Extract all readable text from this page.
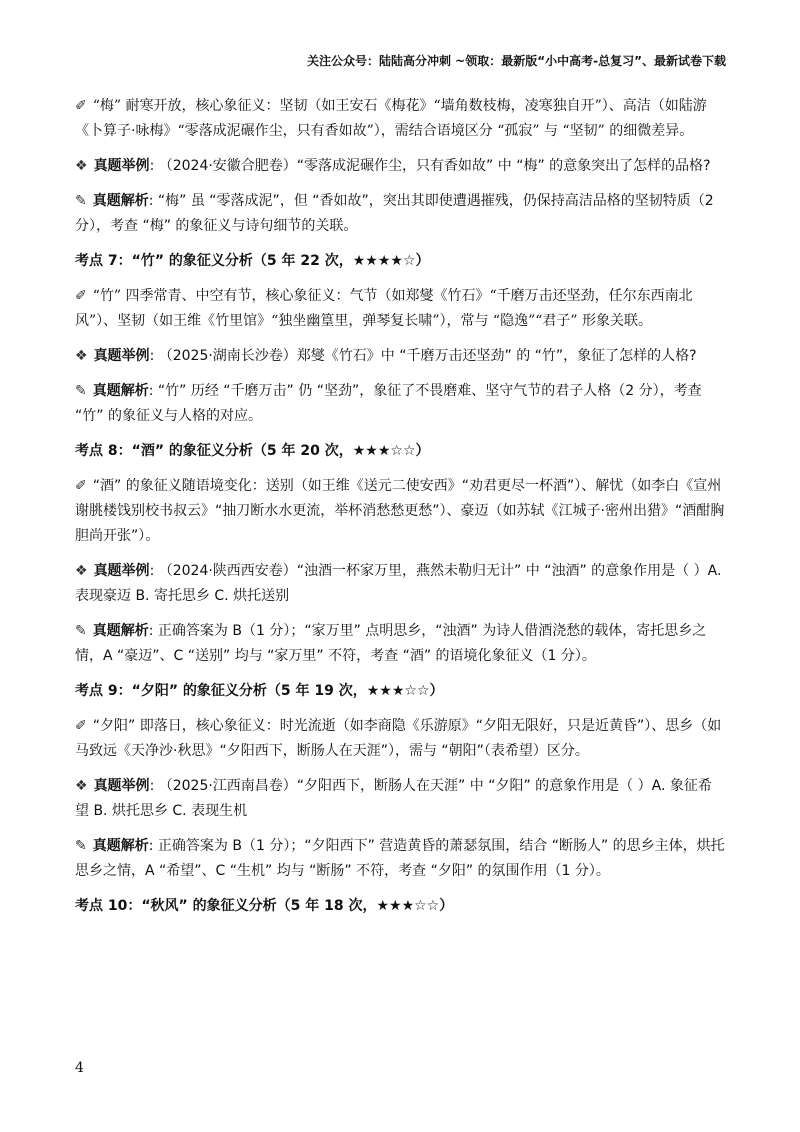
关注公众号：陆陆高分冲刺 ~领取：最新版“小中高考-总复习”、最新试卷下载

✐ “梅” 耐寒开放，核心象征义：坚韧（如王安石《梅花》“墙角数枝梅，凌寒独自开”）、高洁（如陆游《卜算子·咏梅》“零落成泥碾作尘，只有香如故”），需结合语境区分 “孤寂” 与 “坚韧” 的细微差异。

❖ 真题举例: （2024·安徽合肥卷）“零落成泥碾作尘，只有香如故” 中 “梅” 的意象突出了怎样的品格?

✎ 真题解析: “梅” 虽 “零落成泥”，但 “香如故”，突出其即使遭遇摧残，仍保持高洁品格的坚韧特质（2 分），考查 “梅” 的象征义与诗句细节的关联。

考点 7：“竹” 的象征义分析（5 年 22 次，★★★★☆）

✐ “竹” 四季常青、中空有节，核心象征义：气节（如郑燮《竹石》“千磨万击还坚劲，任尔东西南北风”）、坚韧（如王维《竹里馆》“独坐幽篁里，弹琴复长啸”），常与 “隐逸”“君子” 形象关联。

❖ 真题举例: （2025·湖南长沙卷）郑燮《竹石》中 “千磨万击还坚劲” 的 “竹”，象征了怎样的人格?

✎ 真题解析: “竹” 历经 “千磨万击” 仍 “坚劲”，象征了不畏磨难、坚守气节的君子人格（2 分），考查 “竹” 的象征义与人格的对应。

考点 8：“酒” 的象征义分析（5 年 20 次，★★★☆☆）

✐ “酒” 的象征义随语境变化：送别（如王维《送元二使安西》“劝君更尽一杯酒”）、解忧（如李白《宣州谢朓楼饯别校书叔云》“抽刀断水水更流，举杯消愁愁更愁”）、豪迈（如苏轼《江城子·密州出猎》“酒酣胸胆尚开张”）。

❖ 真题举例: （2024·陕西西安卷）“浊酒一杯家万里，燕然未勒归无计” 中 “浊酒” 的意象作用是（ ）A. 表现豪迈 B. 寄托思乡 C. 烘托送别

✎ 真题解析: 正确答案为 B（1 分）；“家万里” 点明思乡，“浊酒” 为诗人借酒浇愁的载体，寄托思乡之情，A “豪迈”、C “送别” 均与 “家万里” 不符，考查 “酒” 的语境化象征义（1 分）。

考点 9：“夕阳” 的象征义分析（5 年 19 次，★★★☆☆）

✐ “夕阳” 即落日，核心象征义：时光流逝（如李商隐《乐游原》“夕阳无限好，只是近黄昏”）、思乡（如马致远《天净沙·秋思》“夕阳西下，断肠人在天涯”），需与 “朝阳”（表希望）区分。

❖ 真题举例: （2025·江西南昌卷）“夕阳西下，断肠人在天涯” 中 “夕阳” 的意象作用是（ ）A. 象征希望 B. 烘托思乡 C. 表现生机

✎ 真题解析: 正确答案为 B（1 分）；“夕阳西下” 营造黄昏的萧瑟氛围，结合 “断肠人” 的思乡主体，烘托思乡之情，A “希望”、C “生机” 均与 “断肠” 不符，考查 “夕阳” 的氛围作用（1 分）。

考点 10：“秋风” 的象征义分析（5 年 18 次，★★★☆☆）

4
